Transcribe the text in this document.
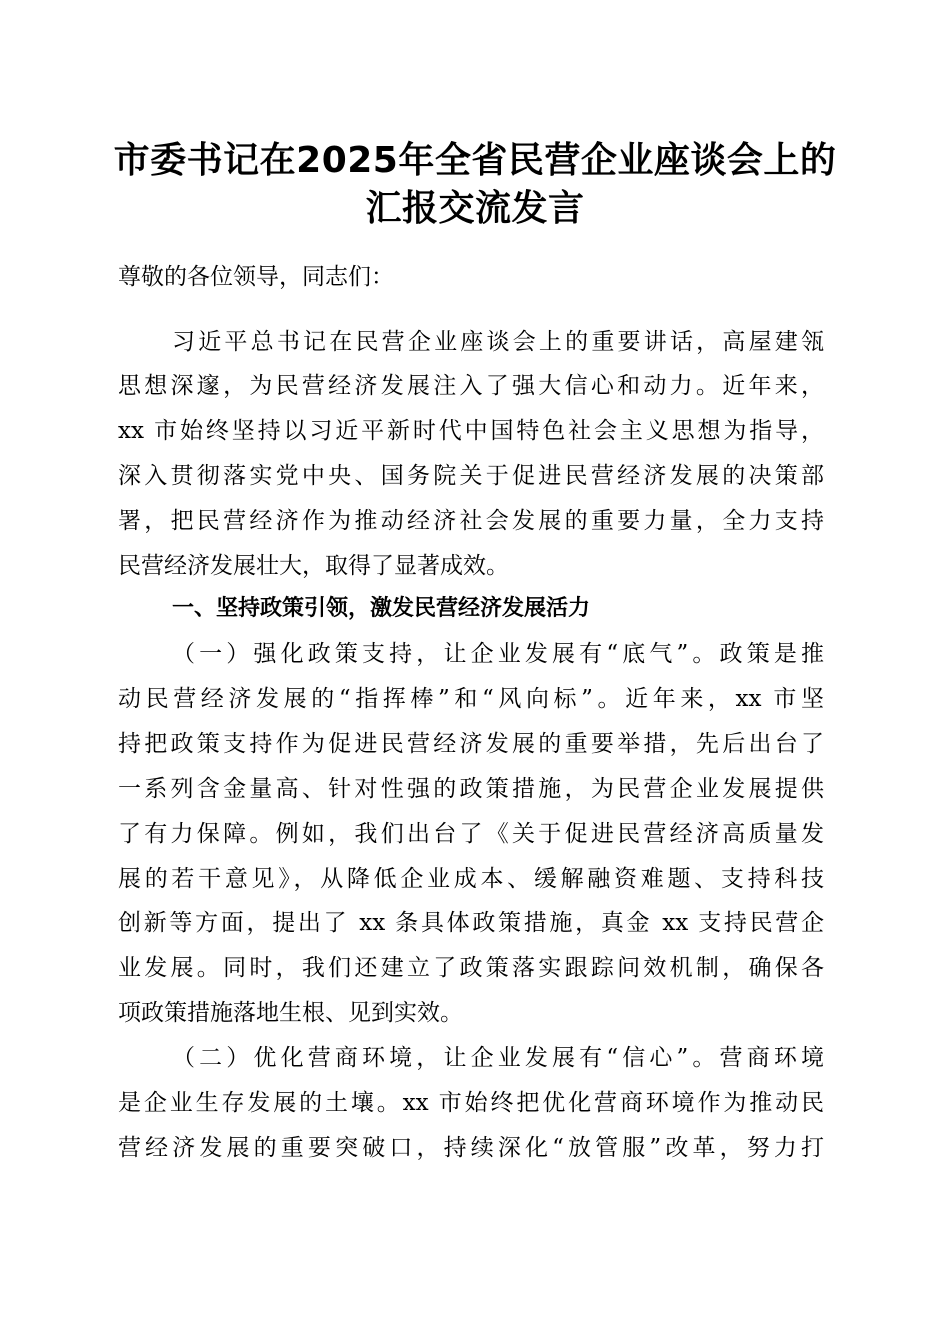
市委书记在2025年全省民营企业座谈会上的
汇报交流发言
尊敬的各位领导，同志们：
习近平总书记在民营企业座谈会上的重要讲话，高屋建瓴
思想深邃，为民营经济发展注入了强大信心和动力。近年来，
xx 市始终坚持以习近平新时代中国特色社会主义思想为指导，
深入贯彻落实党中央、国务院关于促进民营经济发展的决策部
署，把民营经济作为推动经济社会发展的重要力量，全力支持
民营经济发展壮大，取得了显著成效。
一、坚持政策引领，激发民营经济发展活力
（一）强化政策支持，让企业发展有“底气”。政策是推
动民营经济发展的“指挥棒”和“风向标”。近年来，xx 市坚
持把政策支持作为促进民营经济发展的重要举措，先后出台了
一系列含金量高、针对性强的政策措施，为民营企业发展提供
了有力保障。例如，我们出台了《关于促进民营经济高质量发
展的若干意见》，从降低企业成本、缓解融资难题、支持科技
创新等方面，提出了 xx 条具体政策措施，真金 xx 支持民营企
业发展。同时，我们还建立了政策落实跟踪问效机制，确保各
项政策措施落地生根、见到实效。
（二）优化营商环境，让企业发展有“信心”。营商环境
是企业生存发展的土壤。xx 市始终把优化营商环境作为推动民
营经济发展的重要突破口，持续深化“放管服”改革，努力打
